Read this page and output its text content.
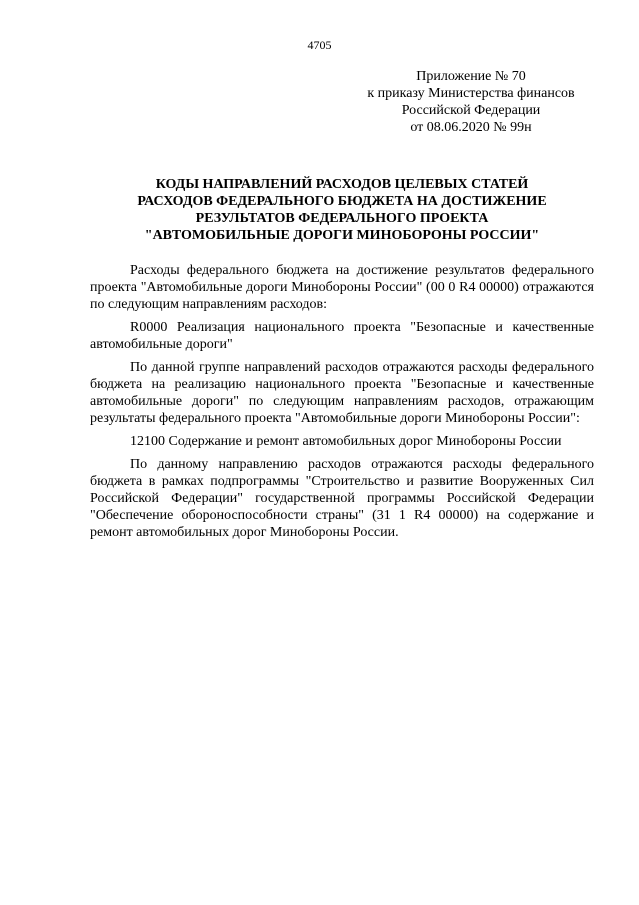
4705
Приложение № 70
к приказу Министерства финансов
Российской Федерации
от 08.06.2020 № 99н
КОДЫ НАПРАВЛЕНИЙ РАСХОДОВ ЦЕЛЕВЫХ СТАТЕЙ
РАСХОДОВ ФЕДЕРАЛЬНОГО БЮДЖЕТА НА ДОСТИЖЕНИЕ
РЕЗУЛЬТАТОВ ФЕДЕРАЛЬНОГО ПРОЕКТА
"АВТОМОБИЛЬНЫЕ ДОРОГИ МИНОБОРОНЫ РОССИИ"

Расходы федерального бюджета на достижение результатов федерального проекта "Автомобильные дороги Минобороны России" (00 0 R4 00000) отражаются по следующим направлениям расходов:

R0000 Реализация национального проекта "Безопасные и качественные автомобильные дороги"

По данной группе направлений расходов отражаются расходы федерального бюджета на реализацию национального проекта "Безопасные и качественные автомобильные дороги" по следующим направлениям расходов, отражающим результаты федерального проекта "Автомобильные дороги Минобороны России":

12100 Содержание и ремонт автомобильных дорог Минобороны России

По данному направлению расходов отражаются расходы федерального бюджета в рамках подпрограммы "Строительство и развитие Вооруженных Сил Российской Федерации" государственной программы Российской Федерации "Обеспечение обороноспособности страны" (31 1 R4 00000) на содержание и ремонт автомобильных дорог Минобороны России.
